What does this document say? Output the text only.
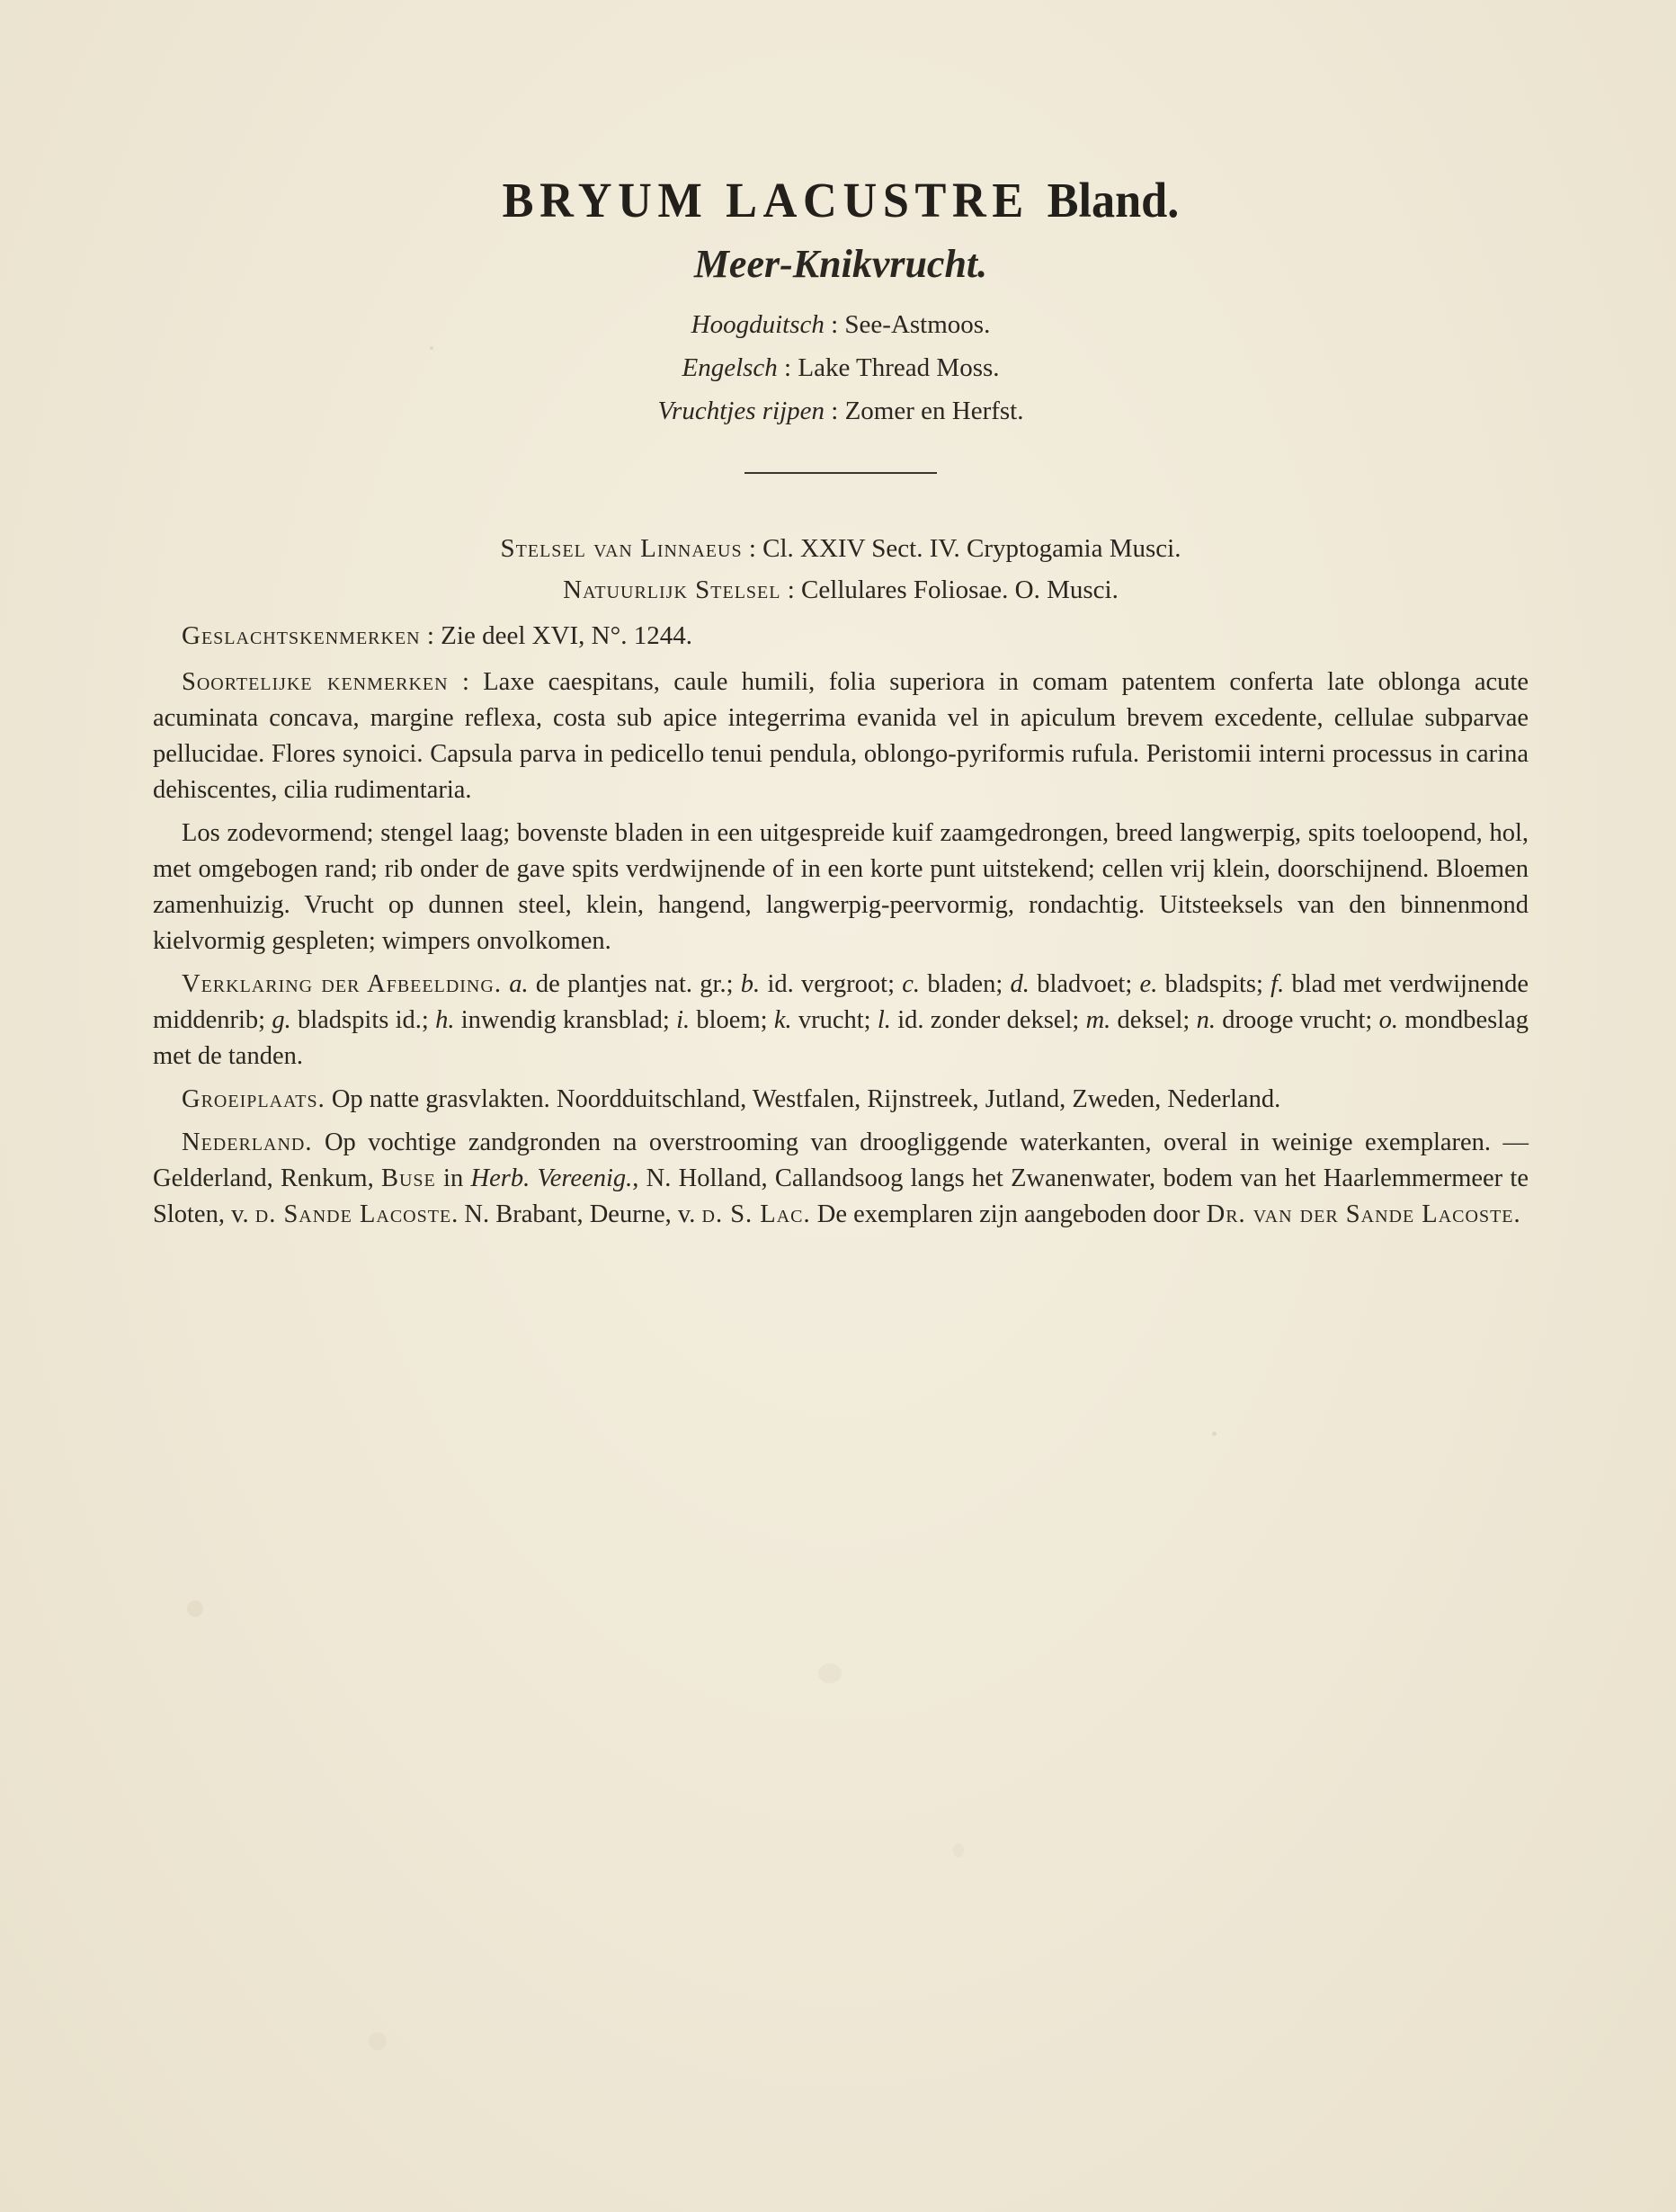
BRYUM LACUSTRE Bland.
Meer-Knikvrucht.

Hoogduitsch : See-Astmoos.

Engelsch : Lake Thread Moss.

Vruchtjes rijpen : Zomer en Herfst.

Stelsel van Linnaeus : Cl. XXIV Sect. IV. Cryptogamia Musci.

Natuurlijk Stelsel : Cellulares Foliosae. O. Musci.

Geslachtskenmerken : Zie deel XVI, N°. 1244.

Soortelijke kenmerken : Laxe caespitans, caule humili, folia superiora in comam patentem conferta late oblonga acute acuminata concava, margine reflexa, costa sub apice integerrima evanida vel in apiculum brevem excedente, cellulae subparvae pellucidae. Flores synoici. Capsula parva in pedicello tenui pendula, oblongo-pyriformis rufula. Peristomii interni processus in carina dehiscentes, cilia rudimentaria.

Los zodevormend; stengel laag; bovenste bladen in een uitgespreide kuif zaamgedrongen, breed langwerpig, spits toeloopend, hol, met omgebogen rand; rib onder de gave spits verdwijnende of in een korte punt uitstekend; cellen vrij klein, doorschijnend. Bloemen zamenhuizig. Vrucht op dunnen steel, klein, hangend, langwerpig-peervormig, rondachtig. Uitsteeksels van den binnenmond kielvormig gespleten; wimpers onvolkomen.

Verklaring der Afbeelding. a. de plantjes nat. gr.; b. id. vergroot; c. bladen; d. bladvoet; e. bladspits; f. blad met verdwijnende middenrib; g. bladspits id.; h. inwendig kransblad; i. bloem; k. vrucht; l. id. zonder deksel; m. deksel; n. drooge vrucht; o. mondbeslag met de tanden.

Groeiplaats. Op natte grasvlakten. Noordduitschland, Westfalen, Rijnstreek, Jutland, Zweden, Nederland.

Nederland. Op vochtige zandgronden na overstrooming van droogliggende waterkanten, overal in weinige exemplaren. — Gelderland, Renkum, Buse in Herb. Vereenig., N. Holland, Callandsoog langs het Zwanenwater, bodem van het Haarlemmermeer te Sloten, v. d. Sande Lacoste. N. Brabant, Deurne, v. d. S. Lac. De exemplaren zijn aangeboden door Dr. van der Sande Lacoste.
